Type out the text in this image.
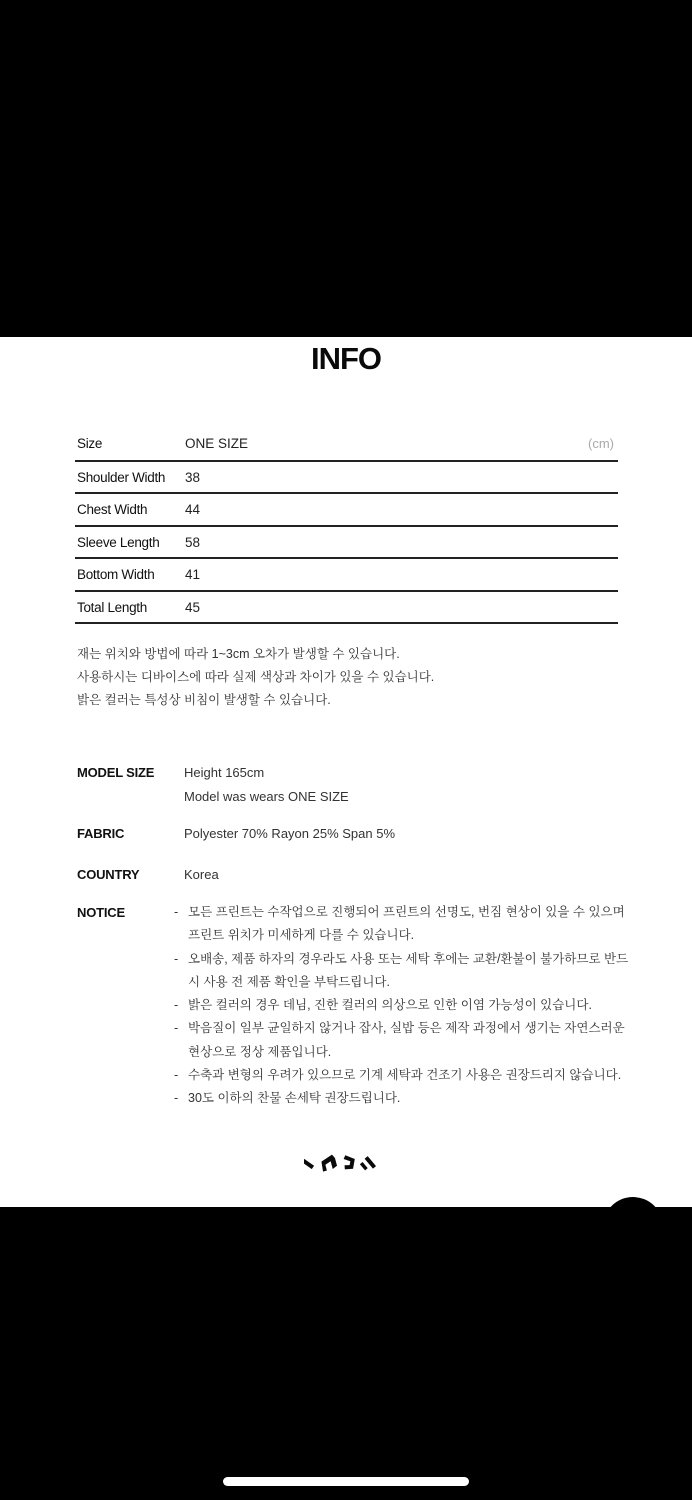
INFO
Size	ONE SIZE	(cm)
Shoulder Width 38
Chest Width	44
Sleeve Length 58
Bottom Width 41
Total Length	45
재는 위치와 방법에 따라 1~3cm 오차가 발생할 수 있습니다.
사용하시는 디바이스에 따라 실제 색상과 차이가 있을 수 있습니다.
밝은 컬러는 특성상 비침이 발생할 수 있습니다.
MODEL SIZE Height 165cm
Model was wears ONE SIZE
FABRIC	Polyester 70% Rayon 25% Span 5%
COUNTRY	Korea
NOTICE	- 모든 프린트는 수작업으로 진행되어 프린트의 선명도, 번짐 현상이 있을 수 있으며 프린트 위치가 미세하게 다를 수 있습니다.
- 오배송, 제품 하자의 경우라도 사용 또는 세탁 후에는 교환/환불이 불가하므로 반드시 사용 전 제품 확인을 부탁드립니다.
- 밝은 컬러의 경우 데님, 진한 컬러의 의상으로 인한 이염 가능성이 있습니다.
- 박음질이 일부 균일하지 않거나 잡사, 실밥 등은 제작 과정에서 생기는 자연스러운 현상으로 정상 제품입니다.
- 수축과 변형의 우려가 있으므로 기계 세탁과 건조기 사용은 권장드리지 않습니다.
- 30도 이하의 찬물 손세탁 권장드립니다.
